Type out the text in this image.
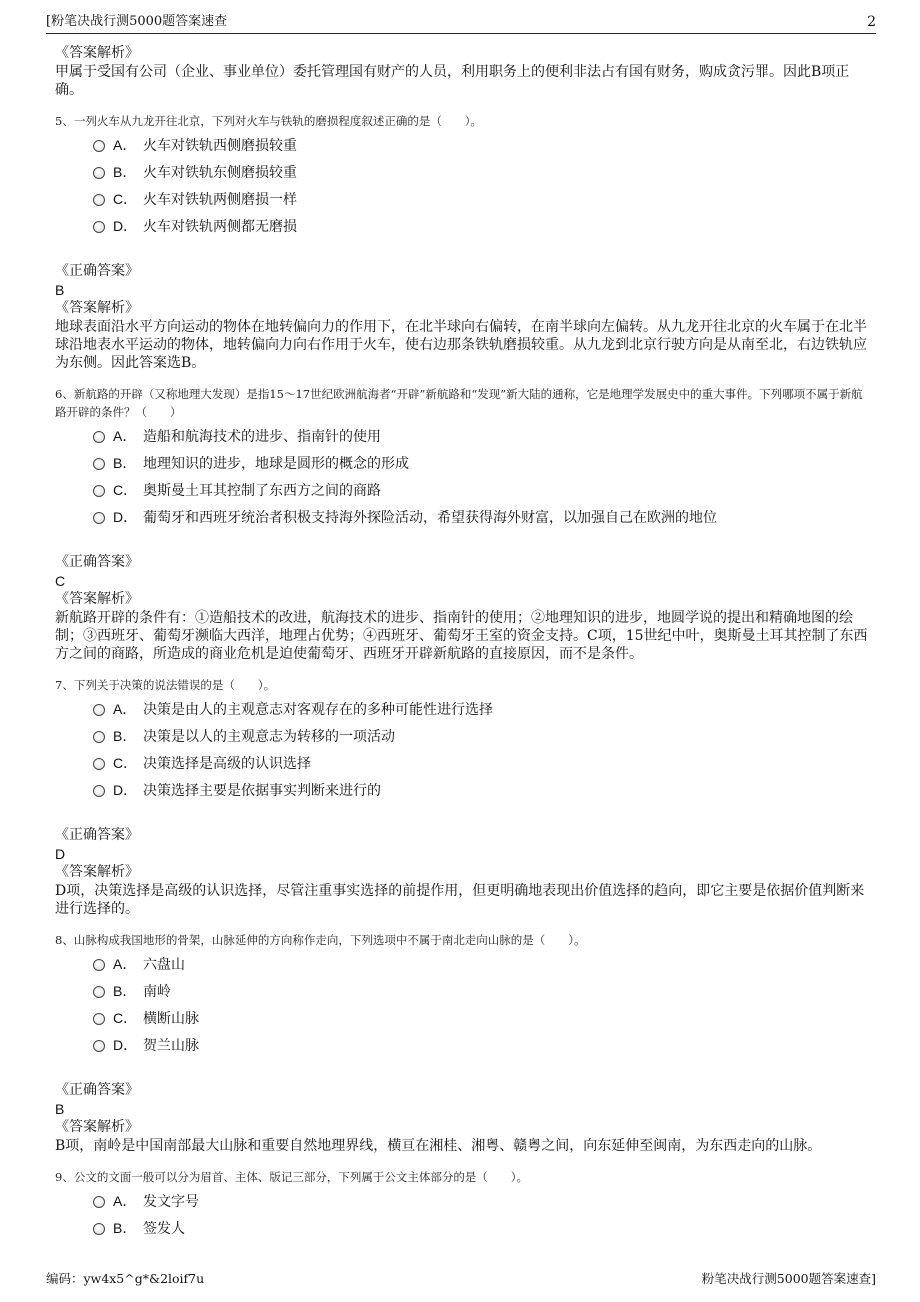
[粉笔决战行测5000题答案速查	2
《答案解析》
甲属于受国有公司（企业、事业单位）委托管理国有财产的人员，利用职务上的便利非法占有国有财务，购成贪污罪。因此B项正确。
5、一列火车从九龙开往北京，下列对火车与铁轨的磨损程度叙述正确的是（　　）。
A． 火车对铁轨西侧磨损较重
B． 火车对铁轨东侧磨损较重
C． 火车对铁轨两侧磨损一样
D． 火车对铁轨两侧都无磨损
《正确答案》
B
《答案解析》
地球表面沿水平方向运动的物体在地转偏向力的作用下，在北半球向右偏转，在南半球向左偏转。从九龙开往北京的火车属于在北半球沿地表水平运动的物体，地转偏向力向右作用于火车，使右边那条铁轨磨损较重。从九龙到北京行驶方向是从南至北，右边铁轨应为东侧。因此答案选B。
6、新航路的开辟（又称地理大发现）是指15～17世纪欧洲航海者“开辟”新航路和“发现”新大陆的通称，它是地理学发展史中的重大事件。下列哪项不属于新航路开辟的条件？（　　）
A． 造船和航海技术的进步、指南针的使用
B． 地理知识的进步，地球是圆形的概念的形成
C． 奥斯曼土耳其控制了东西方之间的商路
D． 葡萄牙和西班牙统治者积极支持海外探险活动，希望获得海外财富，以加强自己在欧洲的地位
《正确答案》
C
《答案解析》
新航路开辟的条件有：①造船技术的改进，航海技术的进步、指南针的使用；②地理知识的进步，地圆学说的提出和精确地图的绘制；③西班牙、葡萄牙濒临大西洋，地理占优势；④西班牙、葡萄牙王室的资金支持。C项，15世纪中叶，奥斯曼土耳其控制了东西方之间的商路，所造成的商业危机是迫使葡萄牙、西班牙开辟新航路的直接原因，而不是条件。
7、下列关于决策的说法错误的是（　　）。
A． 决策是由人的主观意志对客观存在的多种可能性进行选择
B． 决策是以人的主观意志为转移的一项活动
C． 决策选择是高级的认识选择
D． 决策选择主要是依据事实判断来进行的
《正确答案》
D
《答案解析》
D项，决策选择是高级的认识选择，尽管注重事实选择的前提作用，但更明确地表现出价值选择的趋向，即它主要是依据价值判断来进行选择的。
8、山脉构成我国地形的骨架，山脉延伸的方向称作走向，下列选项中不属于南北走向山脉的是（　　）。
A． 六盘山
B． 南岭
C． 横断山脉
D． 贺兰山脉
《正确答案》
B
《答案解析》
B项，南岭是中国南部最大山脉和重要自然地理界线，横亘在湘桂、湘粤、赣粤之间，向东延伸至闽南，为东西走向的山脉。
9、公文的文面一般可以分为眉首、主体、版记三部分，下列属于公文主体部分的是（　　）。
A． 发文字号
B． 签发人
编码：yw4x5^g*&2loif7u	粉笔决战行测5000题答案速查]
